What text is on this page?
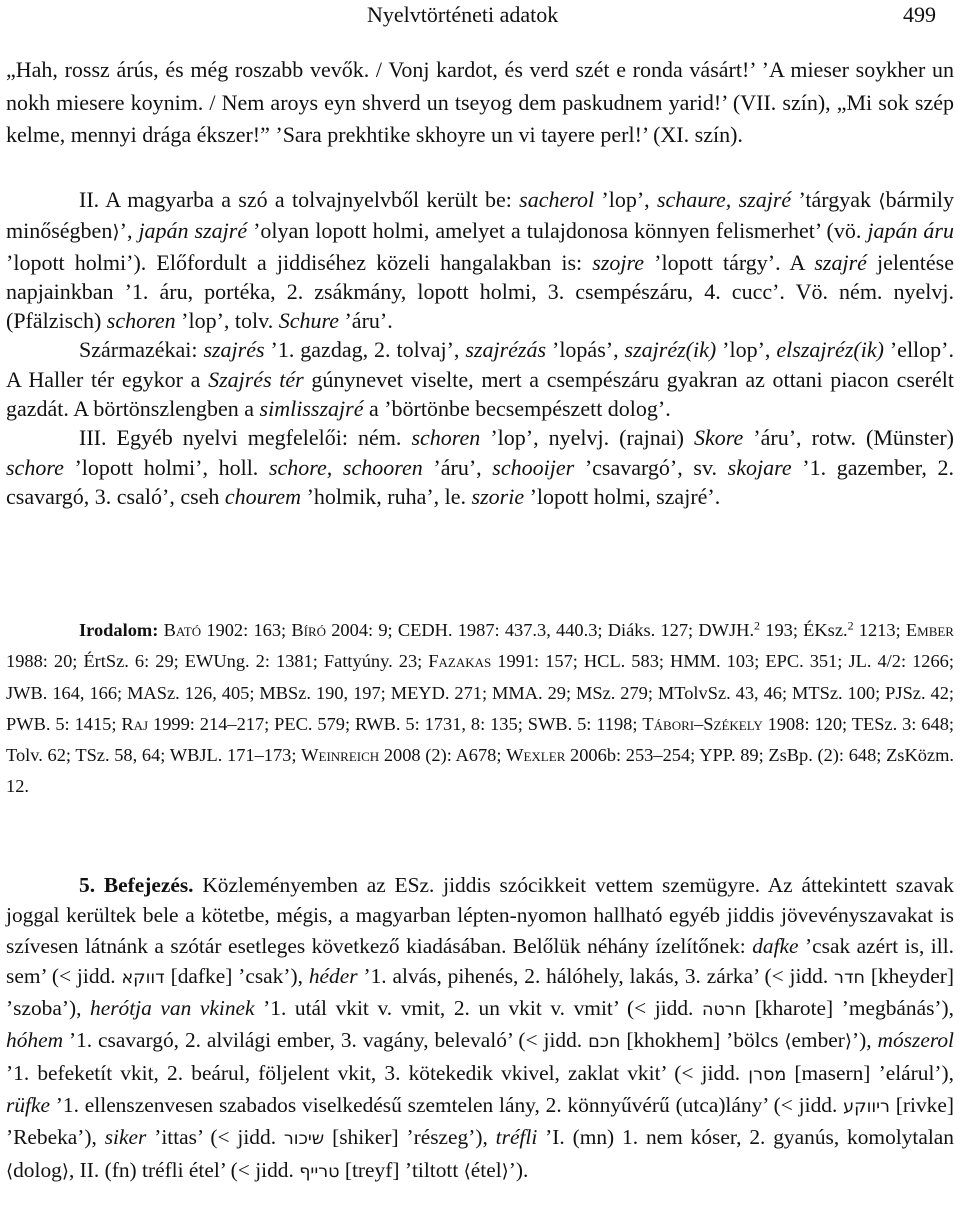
Nyelvtörténeti adatok	499

„Hah, rossz árús, és még roszabb vevők. / Vonj kardot, és verd szét e ronda vásárt!’ ’A mieser soykher un nokh miesere koynim. / Nem aroys eyn shverd un tseyog dem paskudnem yarid!’ (VII. szín), „Mi sok szép kelme, mennyi drága ékszer!” ’Sara prekhtike skhoyre un vi tayere perl!’ (XI. szín).

II. A magyarba a szó a tolvajnyelvből került be: sacherol ’lop’, schaure, szajré ’tárgyak ⟨bármily minőségben⟩’, japán szajré ’olyan lopott holmi, amelyet a tulajdonosa könnyen felismerhet’ (vö. japán áru ’lopott holmi’). Előfordult a jiddiséhez közeli hangalakban is: szojre ’lopott tárgy’. A szajré jelentése napjainkban ’1. áru, portéka, 2. zsákmány, lopott holmi, 3. csempészáru, 4. cucc’. Vö. ném. nyelvj. (Pfälzisch) schoren ’lop’, tolv. Schure ’áru’.

Származékai: szajrés ’1. gazdag, 2. tolvaj’, szajrézás ’lopás’, szajréz(ik) ’lop’, elszajréz(ik) ’ellop’. A Haller tér egykor a Szajrés tér gúnynevet viselte, mert a csempészáru gyakran az ottani piacon cserélt gazdát. A börtönszlengben a simlisszajré a ’börtönbe becsempészett dolog’.

III. Egyéb nyelvi megfelelői: ném. schoren ’lop’, nyelvj. (rajnai) Skore ’áru’, rotw. (Münster) schore ’lopott holmi’, holl. schore, schooren ’áru’, schooijer ’csavargó’, sv. skojare ’1. gazember, 2. csavargó, 3. csaló’, cseh chourem ’holmik, ruha’, le. szorie ’lopott holmi, szajré’.

Irodalom: Bató 1902: 163; Bíró 2004: 9; CEDH. 1987: 437.3, 440.3; Diáks. 127; DWJH.$^2$ 193; ÉKsz.$^2$ 1213; Ember 1988: 20; ÉrtSz. 6: 29; EWUng. 2: 1381; Fattyúny. 23; Fazakas 1991: 157; HCL. 583; HMM. 103; EPC. 351; JL. 4/2: 1266; JWB. 164, 166; MASz. 126, 405; MBSz. 190, 197; MEYD. 271; MMA. 29; MSz. 279; MTolvSz. 43, 46; MTSz. 100; PJSz. 42; PWB. 5: 1415; Raj 1999: 214–217; PEC. 579; RWB. 5: 1731, 8: 135; SWB. 5: 1198; Tábori–Székely 1908: 120; TESz. 3: 648; Tolv. 62; TSz. 58, 64; WBJL. 171–173; Weinreich 2008 (2): A678; Wexler 2006b: 253–254; YPP. 89; ZsBp. (2): 648; ZsKözm. 12.

5. Befejezés. Közleményemben az ESz. jiddis szócikkeit vettem szemügyre. Az áttekintett szavak joggal kerültek bele a kötetbe, mégis, a magyarban lépten-nyomon hallható egyéb jiddis jövevényszavakat is szívesen látnánk a szótár esetleges következő kiadásában. Belőlük néhány ízelítőnek: dafke ’csak azért is, ill. sem’ (< jidd. דווקא [dafke] ’csak’), héder ’1. alvás, pihenés, 2. hálóhely, lakás, 3. zárka’ (< jidd. חדר [kheyder] ’szoba’), herótja van vkinek ’1. utál vkit v. vmit, 2. un vkit v. vmit’ (< jidd. חרטה [kharote] ’megbánás’), hóhem ’1. csavargó, 2. alvilági ember, 3. vagány, belevaló’ (< jidd. חכם [khokhem] ’bölcs ⟨ember⟩’), mószerol ’1. befeketít vkit, 2. beárul, följelent vkit, 3. kötekedik vkivel, zaklat vkit’ (< jidd. מסרן [masern] ’elárul’), rüfke ’1. ellenszenvesen szabados viselkedésű szemtelen lány, 2. könnyűvérű (utca)lány’ (< jidd. ריווקע [rivke] ’Rebeka’), siker ’ittas’ (< jidd. שיכור [shiker] ’részeg’), tréfli ’I. (mn) 1. nem kóser, 2. gyanús, komolytalan ⟨dolog⟩, II. (fn) tréfli étel’ (< jidd. טרייף [treyf] ’tiltott ⟨étel⟩’).
